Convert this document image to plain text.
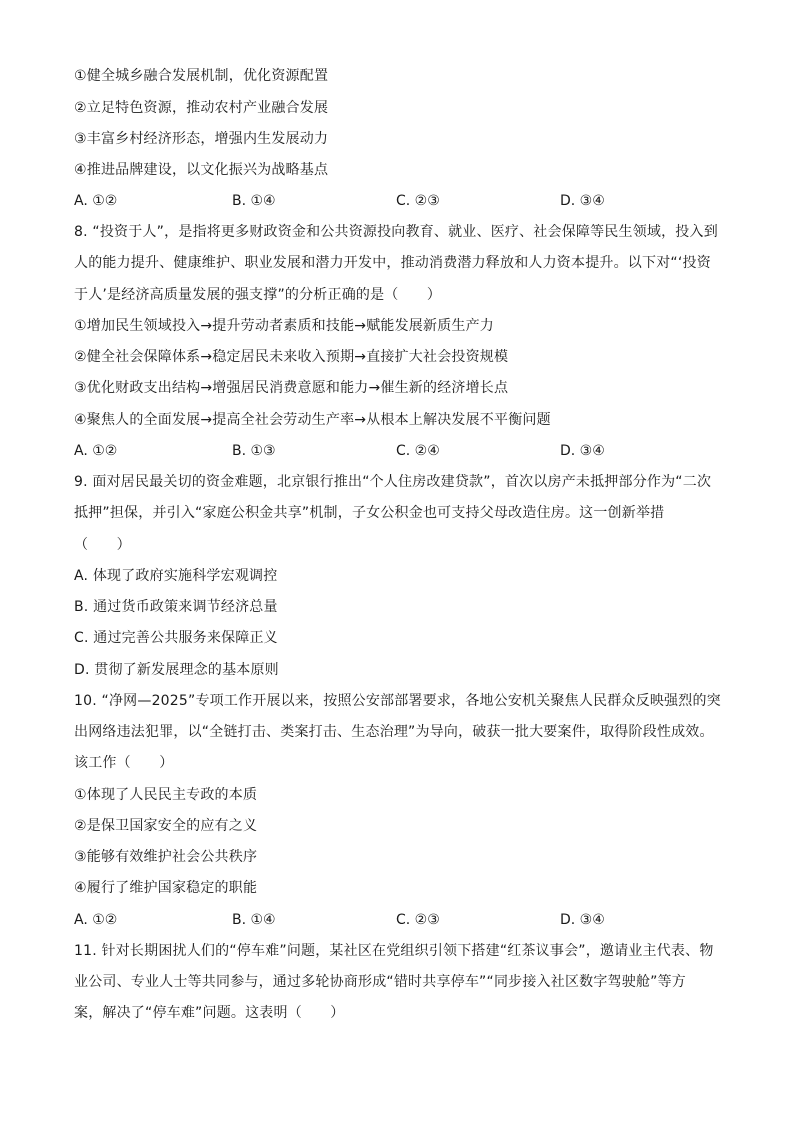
①健全城乡融合发展机制，优化资源配置
②立足特色资源，推动农村产业融合发展
③丰富乡村经济形态，增强内生发展动力
④推进品牌建设，以文化振兴为战略基点
A. ①②	B. ①④	C. ②③	D. ③④
8. “投资于人”，是指将更多财政资金和公共资源投向教育、就业、医疗、社会保障等民生领域，投入到
人的能力提升、健康维护、职业发展和潜力开发中，推动消费潜力释放和人力资本提升。以下对“‘投资
于人’是经济高质量发展的强支撑”的分析正确的是（　　）
①增加民生领域投入→提升劳动者素质和技能→赋能发展新质生产力
②健全社会保障体系→稳定居民未来收入预期→直接扩大社会投资规模
③优化财政支出结构→增强居民消费意愿和能力→催生新的经济增长点
④聚焦人的全面发展→提高全社会劳动生产率→从根本上解决发展不平衡问题
A. ①②	B. ①③	C. ②④	D. ③④
9. 面对居民最关切的资金难题，北京银行推出“个人住房改建贷款”，首次以房产未抵押部分作为“二次
抵押”担保，并引入“家庭公积金共享”机制，子女公积金也可支持父母改造住房。这一创新举措
（　　）
A. 体现了政府实施科学宏观调控
B. 通过货币政策来调节经济总量
C. 通过完善公共服务来保障正义
D. 贯彻了新发展理念的基本原则
10. “净网—2025”专项工作开展以来，按照公安部部署要求，各地公安机关聚焦人民群众反映强烈的突
出网络违法犯罪，以“全链打击、类案打击、生态治理”为导向，破获一批大要案件，取得阶段性成效。
该工作（　　）
①体现了人民民主专政的本质
②是保卫国家安全的应有之义
③能够有效维护社会公共秩序
④履行了维护国家稳定的职能
A. ①②	B. ①④	C. ②③	D. ③④
11. 针对长期困扰人们的“停车难”问题，某社区在党组织引领下搭建“红茶议事会”，邀请业主代表、物
业公司、专业人士等共同参与，通过多轮协商形成“错时共享停车”“同步接入社区数字驾驶舱”等方
案，解决了“停车难”问题。这表明（　　）
